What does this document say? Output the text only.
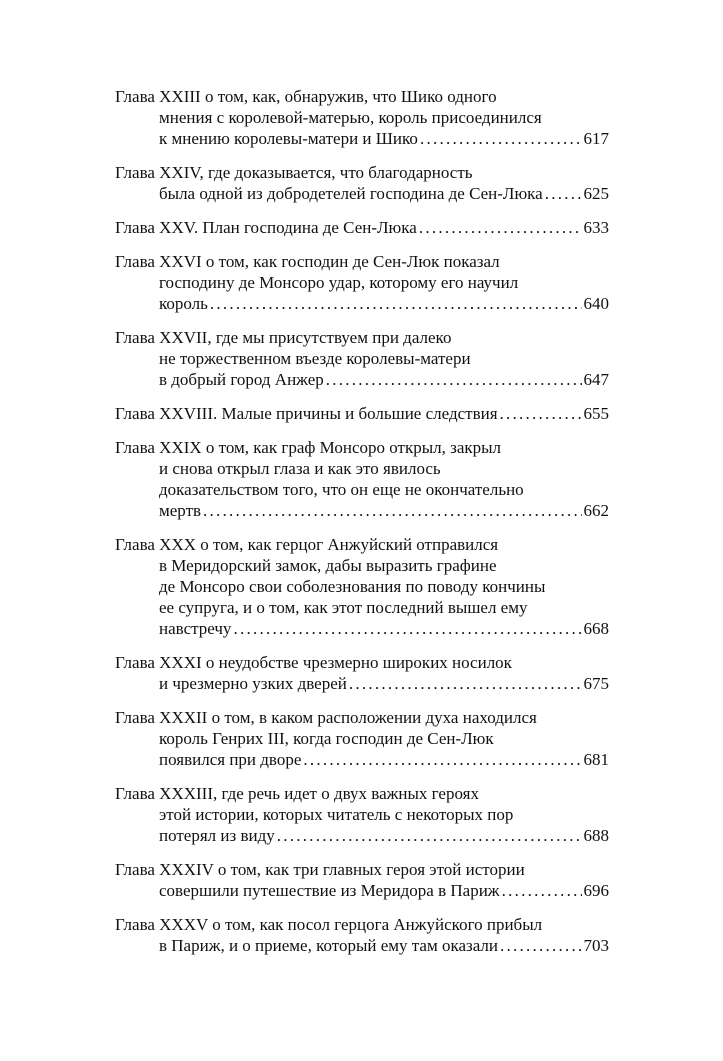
Глава XXIII о том, как, обнаружив, что Шико одного
мнения с королевой-матерью, король присоединился
к мнению королевы-матери и Шико . . .	617
Глава XXIV, где доказывается, что благодарность
была одной из добродетелей господина де Сен-Люка . . . 625
Глава XXV. План господина де Сен-Люка . . .	633
Глава XXVI о том, как господин де Сен-Люк показал
господину де Монсоро удар, которому его научил
король . . .	640
Глава XXVII, где мы присутствуем при далеко
не торжественном въезде королевы-матери
в добрый город Анжер . . .	647
Глава XXVIII. Малые причины и большие следствия . . .	655
Глава XXIX о том, как граф Монсоро открыл, закрыл
и снова открыл глаза и как это явилось
доказательством того, что он еще не окончательно
мертв . . .	662
Глава XXX о том, как герцог Анжуйский отправился
в Меридорский замок, дабы выразить графине
де Монсоро свои соболезнования по поводу кончины
ее супруга, и о том, как этот последний вышел ему
навстречу . . .	668
Глава XXXI о неудобстве чрезмерно широких носилок
и чрезмерно узких дверей . . .	675
Глава XXXII о том, в каком расположении духа находился
король Генрих III, когда господин де Сен-Люк
появился при дворе . . .	681
Глава XXXIII, где речь идет о двух важных героях
этой истории, которых читатель с некоторых пор
потерял из виду . . .	688
Глава XXXIV о том, как три главных героя этой истории
совершили путешествие из Меридора в Париж . . .	696
Глава XXXV о том, как посол герцога Анжуйского прибыл
в Париж, и о приеме, который ему там оказали . . .	703
